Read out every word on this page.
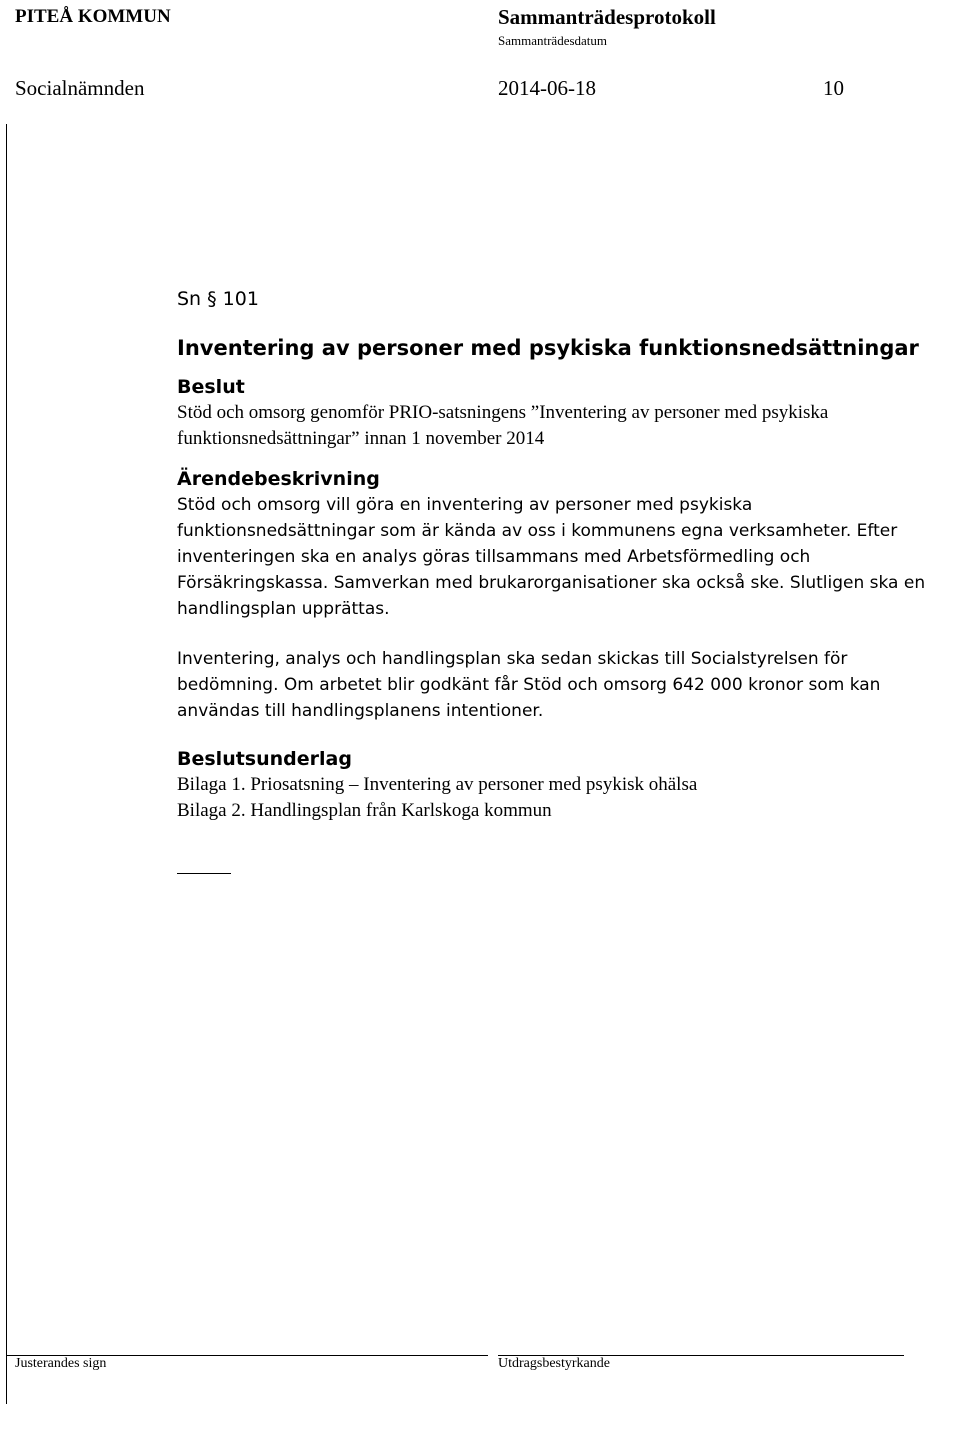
PITEÅ KOMMUN	Sammanträdesprotokoll
Sammanträdesdatum
Socialnämnden	2014-06-18	10
Sn § 101
Inventering av personer med psykiska funktionsnedsättningar
Beslut

Stöd och omsorg genomför PRIO-satsningens ”Inventering av personer med psykiska funktionsnedsättningar” innan 1 november 2014

Ärendebeskrivning

Stöd och omsorg vill göra en inventering av personer med psykiska funktionsnedsättningar som är kända av oss i kommunens egna verksamheter. Efter inventeringen ska en analys göras tillsammans med Arbetsförmedling och Försäkringskassa. Samverkan med brukarorganisationer ska också ske. Slutligen ska en handlingsplan upprättas.

Inventering, analys och handlingsplan ska sedan skickas till Socialstyrelsen för bedömning. Om arbetet blir godkänt får Stöd och omsorg 642 000 kronor som kan användas till handlingsplanens intentioner.

Beslutsunderlag

Bilaga 1. Priosatsning – Inventering av personer med psykisk ohälsa

Bilaga 2. Handlingsplan från Karlskoga kommun

Justerandes sign	Utdragsbestyrkande
